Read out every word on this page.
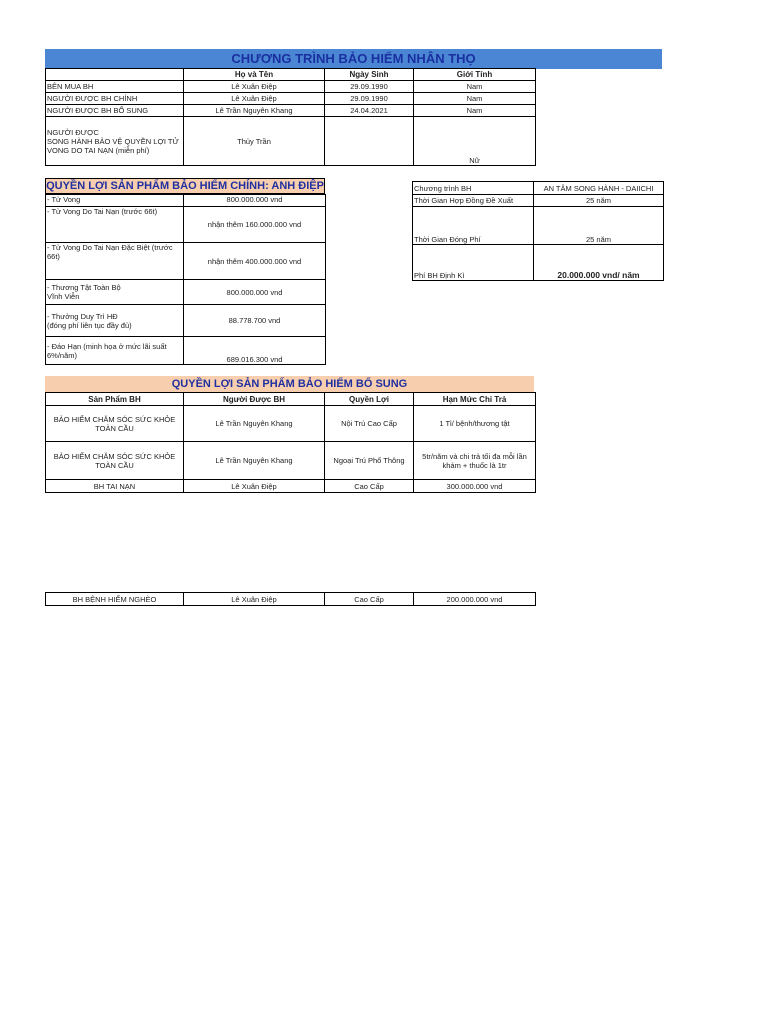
CHƯƠNG TRÌNH BẢO HIỂM NHÂN THỌ
	Họ và Tên	Ngày Sinh	Giới Tính
BÊN MUA BH	Lê Xuân Điệp	29.09.1990	Nam
NGƯỜI ĐƯỢC BH CHÍNH	Lê Xuân Điệp	29.09.1990	Nam
NGƯỜI ĐƯỢC BH BỔ SUNG	Lê Trần Nguyên Khang	24.04.2021	Nam

NGƯỜI ĐƯỢC
SONG HÀNH BẢO VỆ QUYỀN LỢI TỬ VONG DO TAI NẠN (miễn phí)	Thủy Trần		Nữ
QUYỀN LỢI SẢN PHẨM BẢO HIỂM CHÍNH: ANH ĐIỆP
- Tử Vong	800.000.000 vnd
- Tử Vong Do Tai Nạn (trước 66t)	nhận thêm 160.000.000 vnd
- Tử Vong Do Tai Nạn Đặc Biệt (trước 66t)	nhận thêm 400.000.000 vnd

- Thương Tật Toàn Bộ
Vĩnh Viễn	800.000.000 vnd

- Thưởng Duy Trì HĐ
(đóng phí liên tục đầy đủ)	88.778.700 vnd
- Đáo Hạn (minh họa ở mức lãi suất 6%/năm)	689.016.300 vnd
Chương trình BH	AN TÂM SONG HÀNH - DAIICHI
Thời Gian Hợp Đồng Đề Xuất	25 năm
Thời Gian Đóng Phí	25 năm
Phí BH Định Kì	20.000.000 vnd/ năm
QUYỀN LỢI SẢN PHẨM BẢO HIỂM BỔ SUNG
Sản Phẩm BH	Người Được BH	Quyền Lợi	Hạn Mức Chi Trả
BẢO HIỂM CHĂM SÓC SỨC KHỎE TOÀN CẦU	Lê Trần Nguyên Khang	Nội Trú Cao Cấp	1 Tỉ/ bệnh/thương tật
BẢO HIỂM CHĂM SÓC SỨC KHỎE TOÀN CẦU	Lê Trần Nguyên Khang	Ngoại Trú Phổ Thông	5tr/năm và chi trả tối đa mỗi lần khám + thuốc là 1tr
BH TAI NẠN	Lê Xuân Điệp	Cao Cấp	300.000.000 vnd
BH BỆNH HIỂM NGHÈO	Lê Xuân Điệp	Cao Cấp	200.000.000 vnd
